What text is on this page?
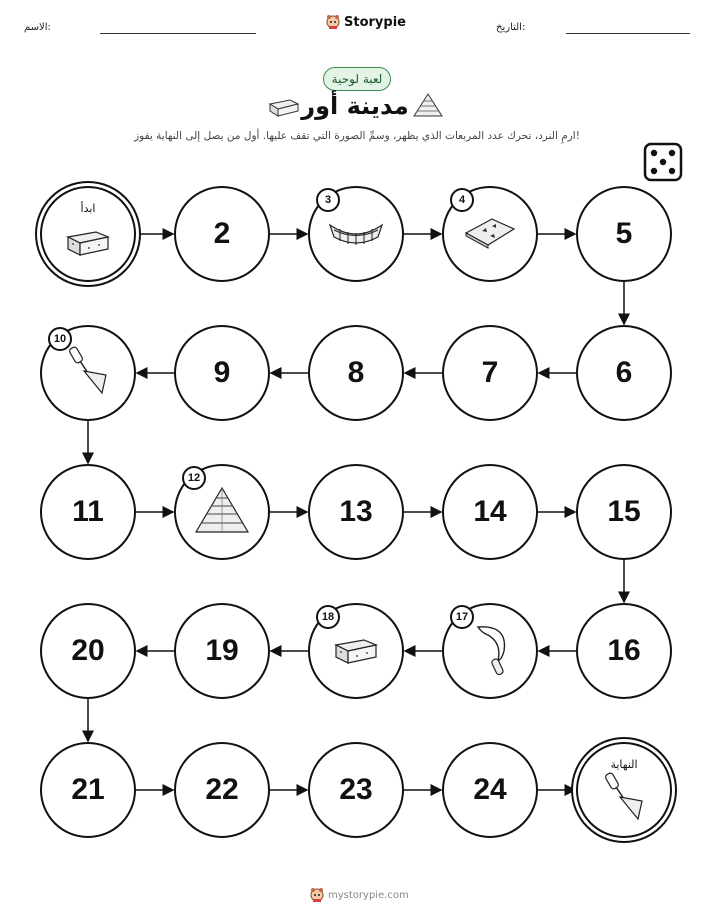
الاسم:	Storypie	التاريخ:
لعبة لوحية
مدينة أور
ارمِ النرد، تحرك عدد المربعات الذي يظهر، وسمِّ الصورة التي تقف عليها. أول من يصل إلى النهاية يفوز!
ابدأ
2
3	4
5
6
7
8
9
10
11
12
13	14	15
16
17
18
19
20
21	22	23	24
النهاية
mystorypie.com
